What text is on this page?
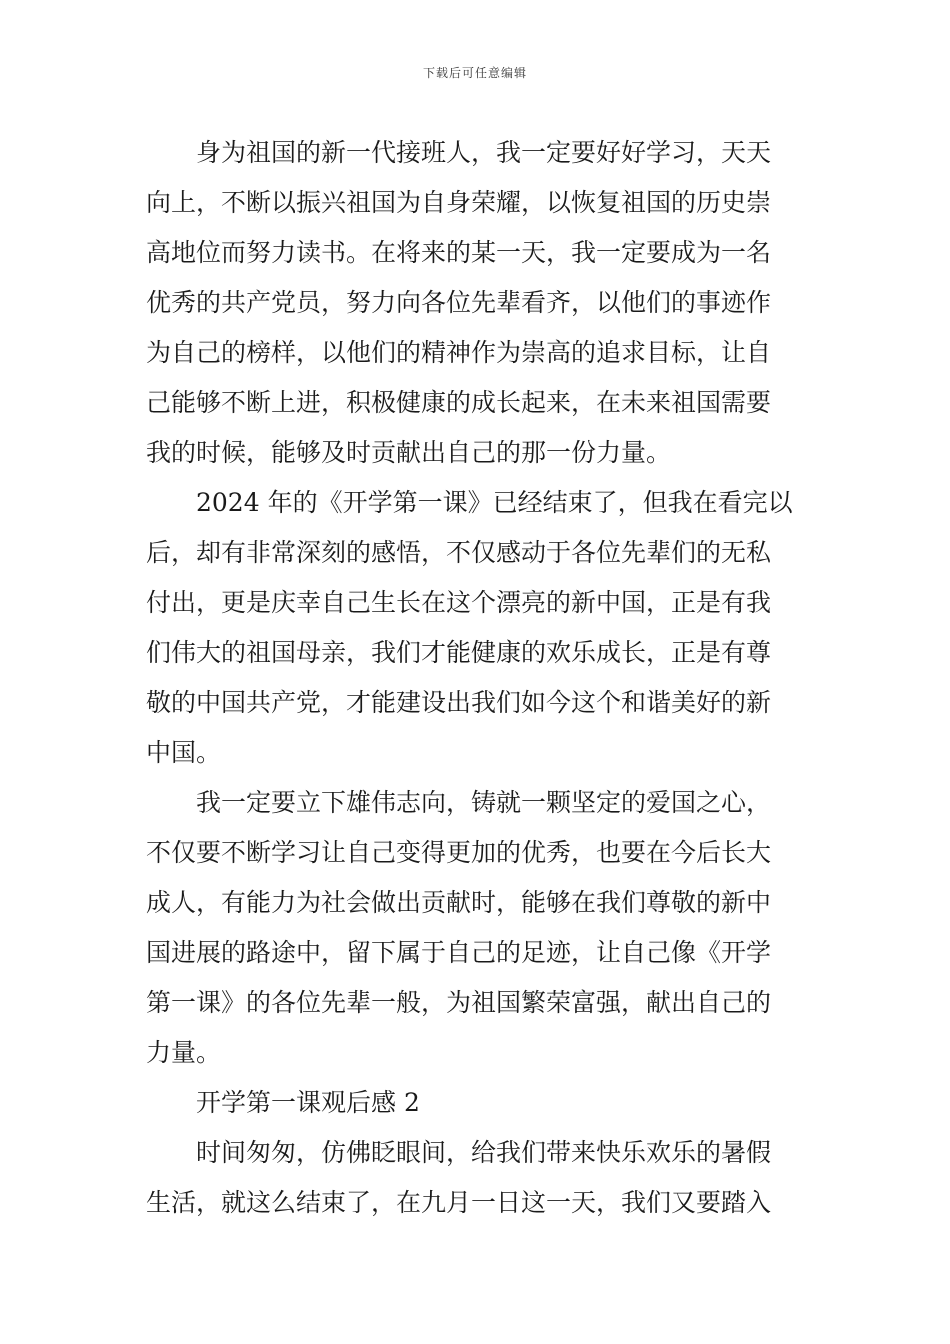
下载后可任意编辑

身为祖国的新一代接班人，我一定要好好学习，天天
向上，不断以振兴祖国为自身荣耀，以恢复祖国的历史崇
高地位而努力读书。在将来的某一天，我一定要成为一名
优秀的共产党员，努力向各位先辈看齐，以他们的事迹作
为自己的榜样，以他们的精神作为崇高的追求目标，让自
己能够不断上进，积极健康的成长起来，在未来祖国需要
我的时候，能够及时贡献出自己的那一份力量。

2024 年的《开学第一课》已经结束了，但我在看完以
后，却有非常深刻的感悟，不仅感动于各位先辈们的无私
付出，更是庆幸自己生长在这个漂亮的新中国，正是有我
们伟大的祖国母亲，我们才能健康的欢乐成长，正是有尊
敬的中国共产党，才能建设出我们如今这个和谐美好的新
中国。

我一定要立下雄伟志向，铸就一颗坚定的爱国之心，
不仅要不断学习让自己变得更加的优秀，也要在今后长大
成人，有能力为社会做出贡献时，能够在我们尊敬的新中
国进展的路途中，留下属于自己的足迹，让自己像《开学
第一课》的各位先辈一般，为祖国繁荣富强，献出自己的
力量。

开学第一课观后感 2

时间匆匆，仿佛眨眼间，给我们带来快乐欢乐的暑假
生活，就这么结束了，在九月一日这一天，我们又要踏入
